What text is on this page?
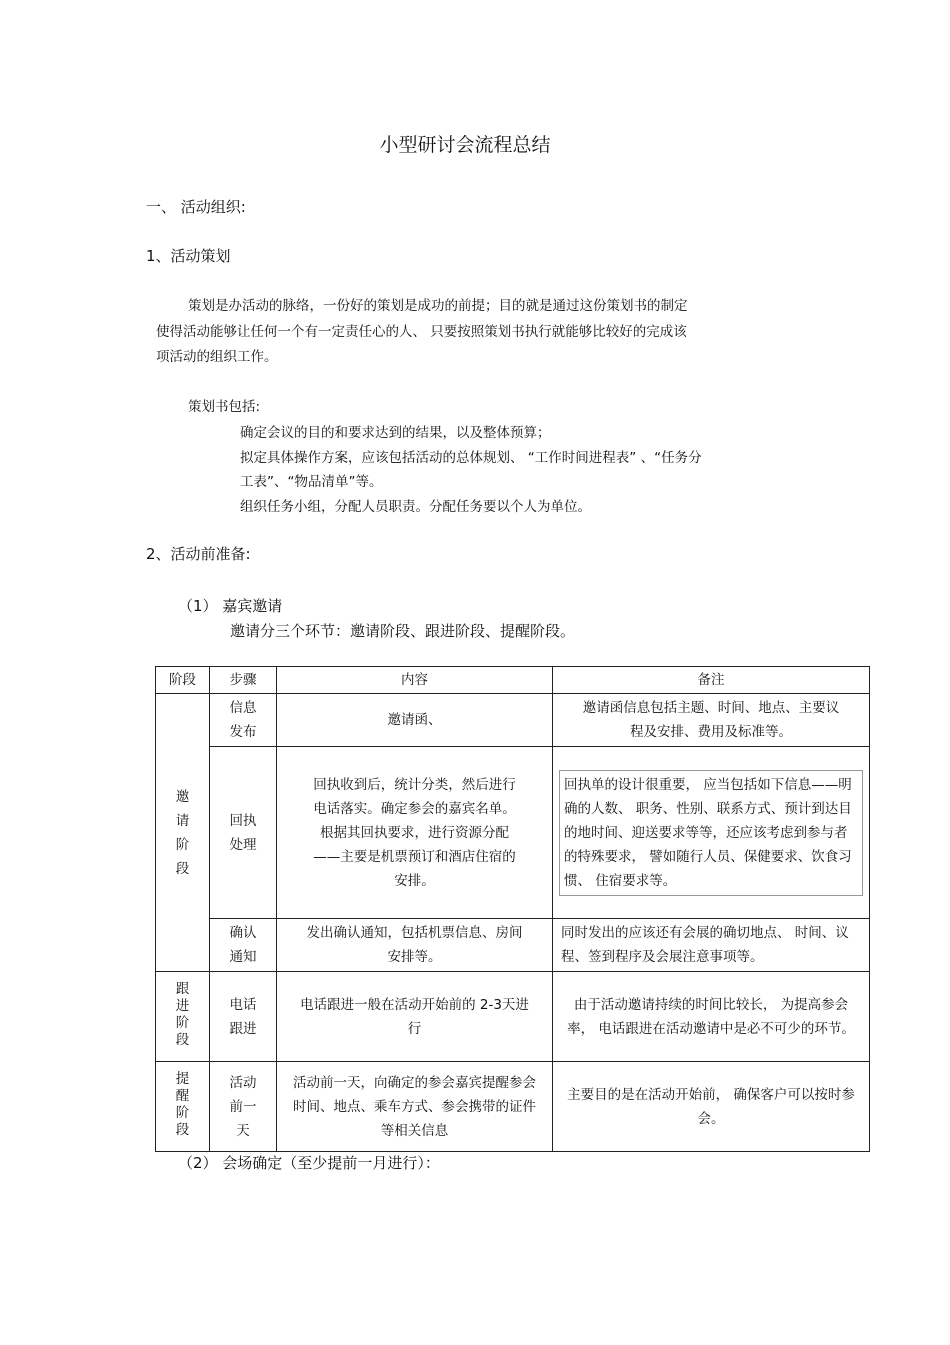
小型研讨会流程总结
一、 活动组织:
1、活动策划
策划是办活动的脉络，一份好的策划是成功的前提；目的就是通过这份策划书的制定
使得活动能够让任何一个有一定责任心的人、 只要按照策划书执行就能够比较好的完成该
项活动的组织工作。
策划书包括:
确定会议的目的和要求达到的结果，以及整体预算；
拟定具体操作方案，应该包括活动的总体规划、 “工作时间进程表” 、“任务分
工表”、“物品清单”等。
组织任务小组，分配人员职责。分配任务要以个人为单位。
2、活动前准备:
（1） 嘉宾邀请
邀请分三个环节：邀请阶段、跟进阶段、提醒阶段。
阶段	步骤	内容	备注
邀请阶段	信息发布	邀请函、	邀请函信息包括主题、时间、地点、主要议程及安排、费用及标准等。

	回执处理	回执收到后，统计分类，然后进行电话落实。确定参会的嘉宾名单。根据其回执要求，进行资源分配——主要是机票预订和酒店住宿的安排。	回执单的设计很重要， 应当包括如下信息——明确的人数、 职务、性别、联系方式、预计到达目的地时间、迎送要求等等，还应该考虑到参与者的特殊要求， 譬如随行人员、保健要求、饮食习惯、 住宿要求等。

	确认通知	发出确认通知，包括机票信息、房间安排等。	同时发出的应该还有会展的确切地点、 时间、议程、签到程序及会展注意事项等。

跟进阶段	电话跟进	电话跟进一般在活动开始前的 2-3天进行	由于活动邀请持续的时间比较长， 为提高参会率， 电话跟进在活动邀请中是必不可少的环节。

提醒阶段	活动前一天	活动前一天，向确定的参会嘉宾提醒参会时间、地点、乘车方式、参会携带的证件等相关信息	主要目的是在活动开始前， 确保客户可以按时参会。
（2） 会场确定（至少提前一月进行）：
